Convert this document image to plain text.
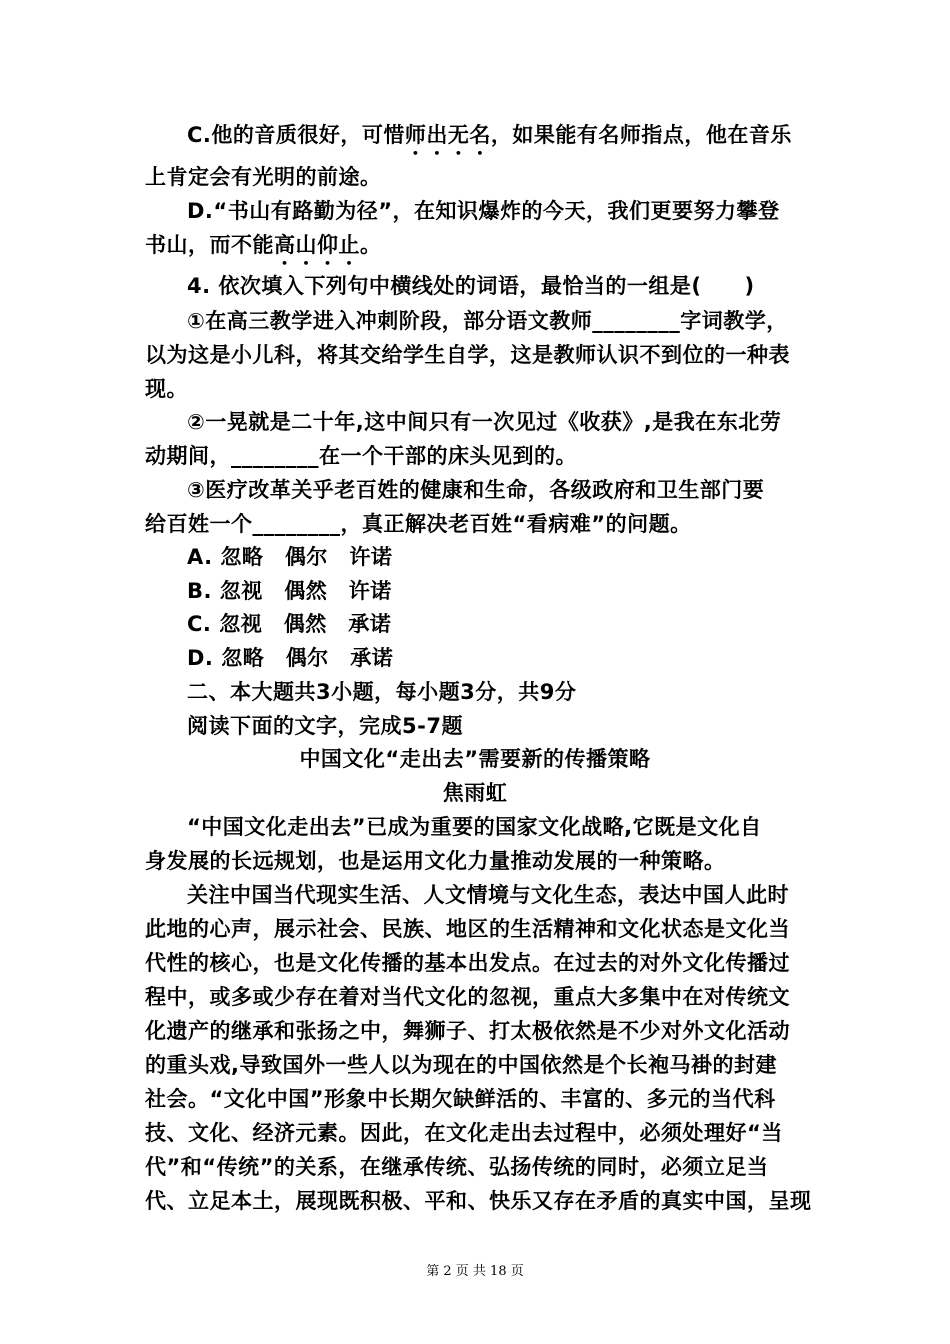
C.他的音质很好，可惜师出无名，如果能有名师指点，他在音乐
上肯定会有光明的前途。
D.“书山有路勤为径”，在知识爆炸的今天，我们更要努力攀登
书山，而不能高山仰止。
4. 依次填入下列句中横线处的词语，最恰当的一组是(　　)
①在高三教学进入冲刺阶段，部分语文教师________字词教学，
以为这是小儿科，将其交给学生自学，这是教师认识不到位的一种表
现。
②一晃就是二十年,这中间只有一次见过《收获》,是我在东北劳
动期间，________在一个干部的床头见到的。
③医疗改革关乎老百姓的健康和生命，各级政府和卫生部门要
给百姓一个________，真正解决老百姓“看病难”的问题。
A. 忽略　偶尔　许诺
B. 忽视　偶然　许诺
C. 忽视　偶然　承诺
D. 忽略　偶尔　承诺
二、本大题共3小题，每小题3分，共9分
阅读下面的文字，完成5-7题
中国文化“走出去”需要新的传播策略
焦雨虹
“中国文化走出去”已成为重要的国家文化战略,它既是文化自
身发展的长远规划，也是运用文化力量推动发展的一种策略。
关注中国当代现实生活、人文情境与文化生态，表达中国人此时
此地的心声，展示社会、民族、地区的生活精神和文化状态是文化当
代性的核心，也是文化传播的基本出发点。在过去的对外文化传播过
程中，或多或少存在着对当代文化的忽视，重点大多集中在对传统文
化遗产的继承和张扬之中，舞狮子、打太极依然是不少对外文化活动
的重头戏,导致国外一些人以为现在的中国依然是个长袍马褂的封建
社会。“文化中国”形象中长期欠缺鲜活的、丰富的、多元的当代科
技、文化、经济元素。因此，在文化走出去过程中，必须处理好“当
代”和“传统”的关系，在继承传统、弘扬传统的同时，必须立足当
代、立足本土，展现既积极、平和、快乐又存在矛盾的真实中国，呈现
第 2 页 共 18 页
